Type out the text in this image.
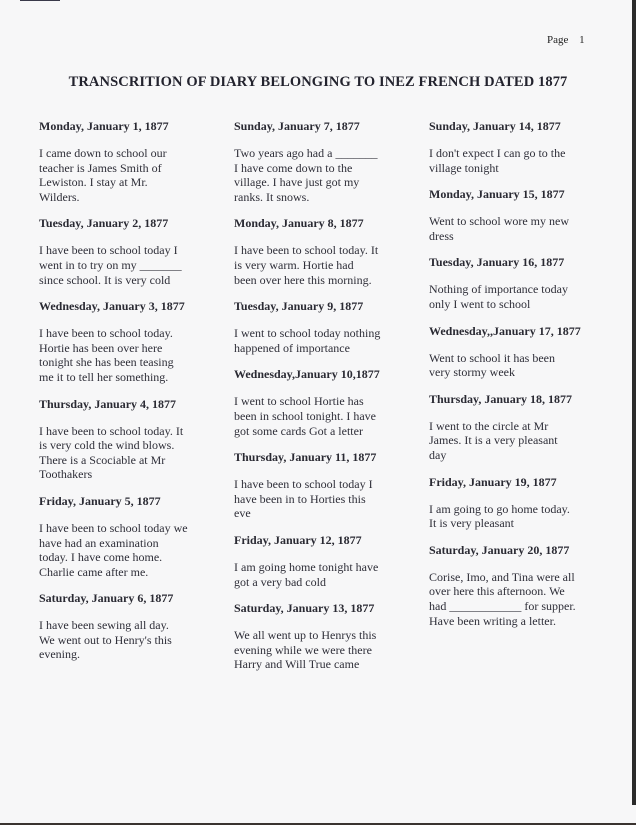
Page 1
TRANSCRITION OF DIARY BELONGING TO INEZ FRENCH DATED 1877
Monday, January 1, 1877

I came down to school our
teacher is James Smith of
Lewiston. I stay at Mr.
Wilders.

Tuesday, January 2, 1877

I have been to school today I
went in to try on my _______
since school. It is very cold

Wednesday, January 3, 1877

I have been to school today.
Hortie has been over here
tonight she has been teasing
me it to tell her something.

Thursday, January 4, 1877

I have been to school today. It
is very cold the wind blows.
There is a Scociable at Mr
Toothakers

Friday, January 5, 1877

I have been to school today we
have had an examination
today. I have come home.
Charlie came after me.

Saturday, January 6, 1877

I have been sewing all day.
We went out to Henry's this
evening.

Sunday, January 7, 1877

Two years ago had a _______
I have come down to the
village. I have just got my
ranks. It snows.

Monday, January 8, 1877

I have been to school today. It
is very warm. Hortie had
been over here this morning.

Tuesday, January 9, 1877

I went to school today nothing
happened of importance

Wednesday,January 10,1877

I went to school Hortie has
been in school tonight. I have
got some cards Got a letter

Thursday, January 11, 1877

I have been to school today I
have been in to Horties this
eve

Friday, January 12, 1877

I am going home tonight have
got a very bad cold

Saturday, January 13, 1877

We all went up to Henrys this
evening while we were there
Harry and Will True came

Sunday, January 14, 1877

I don't expect I can go to the
village tonight

Monday, January 15, 1877

Went to school wore my new
dress

Tuesday, January 16, 1877

Nothing of importance today
only I went to school

Wednesday,,January 17, 1877

Went to school it has been
very stormy week

Thursday, January 18, 1877

I went to the circle at Mr
James. It is a very pleasant
day

Friday, January 19, 1877

I am going to go home today.
It is very pleasant

Saturday, January 20, 1877

Corise, Imo, and Tina were all
over here this afternoon. We
had ____________ for supper.
Have been writing a letter.
